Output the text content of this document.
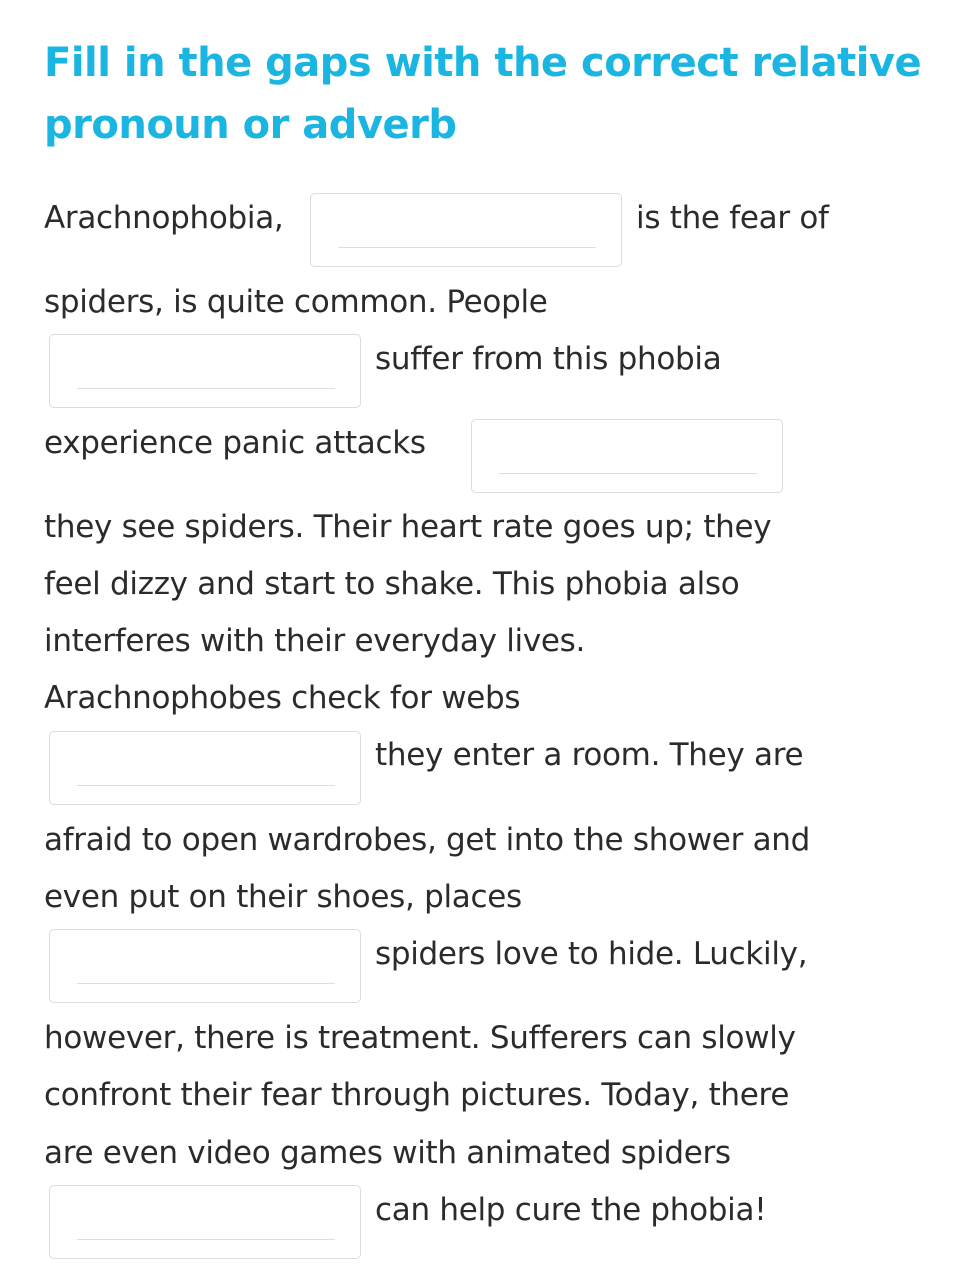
Fill in the gaps with the correct relative pronoun or adverb
Arachnophobia,	is the fear of
spiders, is quite common. People
suffer from this phobia
experience panic attacks
they see spiders. Their heart rate goes up; they
feel dizzy and start to shake. This phobia also
interferes with their everyday lives.
Arachnophobes check for webs
they enter a room. They are
afraid to open wardrobes, get into the shower and
even put on their shoes, places
spiders love to hide. Luckily,
however, there is treatment. Sufferers can slowly
confront their fear through pictures. Today, there
are even video games with animated spiders
can help cure the phobia!
